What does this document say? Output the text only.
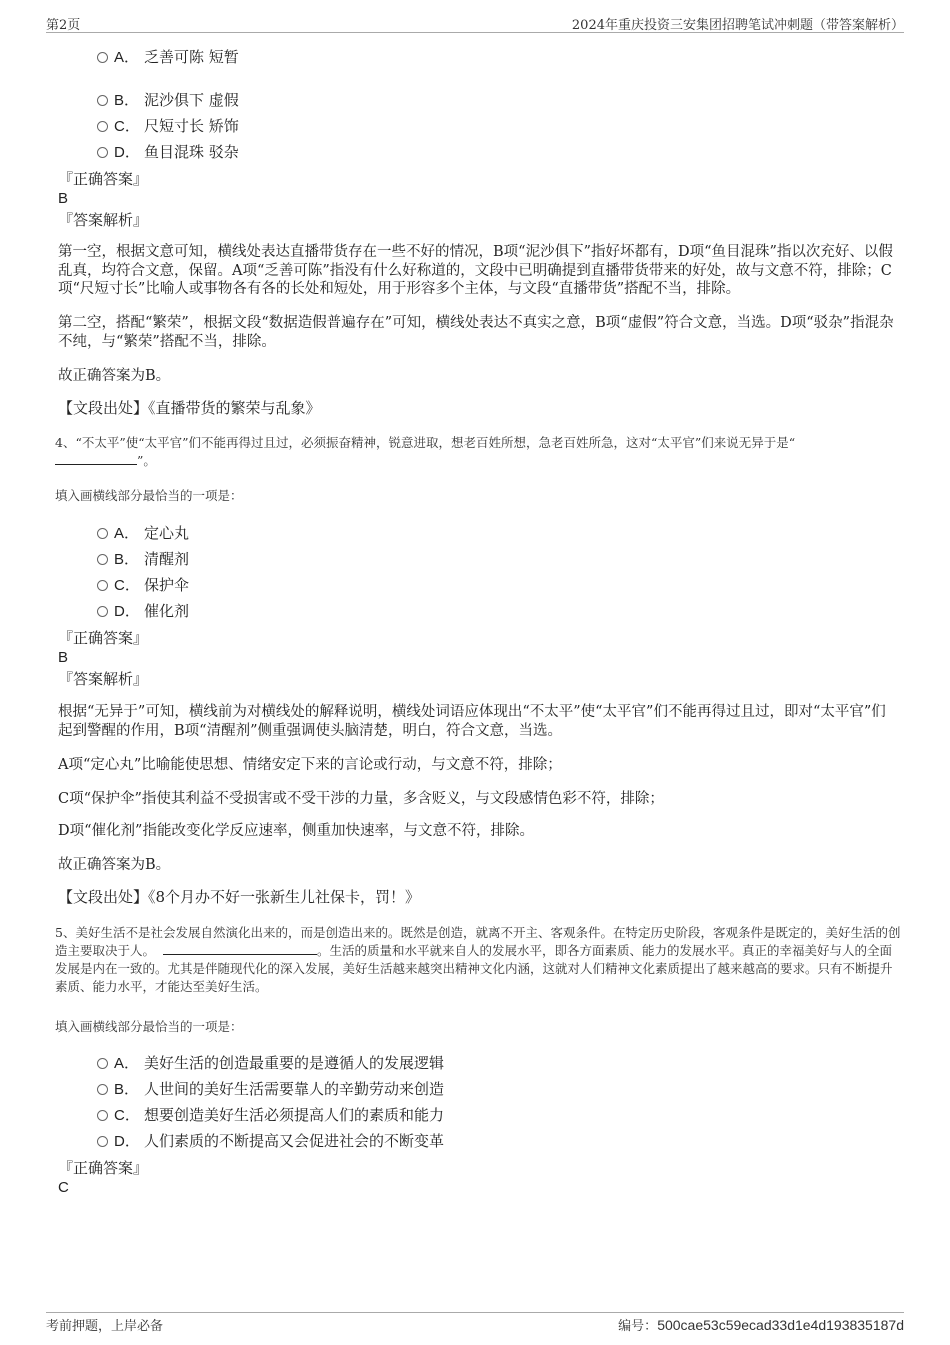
第2页	2024年重庆投资三安集团招聘笔试冲刺题（带答案解析）
A． 乏善可陈 短暂
B． 泥沙俱下 虚假
C． 尺短寸长 矫饰
D． 鱼目混珠 驳杂
『正确答案』
B
『答案解析』
第一空，根据文意可知，横线处表达直播带货存在一些不好的情况，B项“泥沙俱下”指好坏都有，D项“鱼目混珠”指以次充好、以假乱真，均符合文意，保留。A项“乏善可陈”指没有什么好称道的，文段中已明确提到直播带货带来的好处，故与文意不符，排除；C项“尺短寸长”比喻人或事物各有各的长处和短处，用于形容多个主体，与文段“直播带货”搭配不当，排除。
第二空，搭配“繁荣”，根据文段“数据造假普遍存在”可知，横线处表达不真实之意，B项“虚假”符合文意，当选。D项“驳杂”指混杂不纯，与“繁荣”搭配不当，排除。
故正确答案为B。
【文段出处】《直播带货的繁荣与乱象》
4、“不太平”使“太平官”们不能再得过且过，必须振奋精神，锐意进取，想老百姓所想，急老百姓所急，这对“太平官”们来说无异于是“
”。
填入画横线部分最恰当的一项是：
A． 定心丸
B． 清醒剂
C． 保护伞
D． 催化剂
『正确答案』
B
『答案解析』
根据“无异于”可知，横线前为对横线处的解释说明，横线处词语应体现出“不太平”使“太平官”们不能再得过且过，即对“太平官”们起到警醒的作用，B项“清醒剂”侧重强调使头脑清楚，明白，符合文意，当选。
A项“定心丸”比喻能使思想、情绪安定下来的言论或行动，与文意不符，排除；
C项“保护伞”指使其利益不受损害或不受干涉的力量，多含贬义，与文段感情色彩不符，排除；
D项“催化剂”指能改变化学反应速率，侧重加快速率，与文意不符，排除。
故正确答案为B。
【文段出处】《8个月办不好一张新生儿社保卡，罚！》
5、美好生活不是社会发展自然演化出来的，而是创造出来的。既然是创造，就离不开主、客观条件。在特定历史阶段，客观条件是既定的，美好生活的创造主要取决于人。	。生活的质量和水平就来自人的发展水平，即各方面素质、能力的发展水平。真正的幸福美好与人的全面发展是内在一致的。尤其是伴随现代化的深入发展，美好生活越来越突出精神文化内涵，这就对人们精神文化素质提出了越来越高的要求。只有不断提升素质、能力水平，才能达至美好生活。
填入画横线部分最恰当的一项是：
A． 美好生活的创造最重要的是遵循人的发展逻辑
B． 人世间的美好生活需要靠人的辛勤劳动来创造
C． 想要创造美好生活必须提高人们的素质和能力
D． 人们素质的不断提高又会促进社会的不断变革
『正确答案』
C
考前押题，上岸必备	编号：500cae53c59ecad33d1e4d193835187d
